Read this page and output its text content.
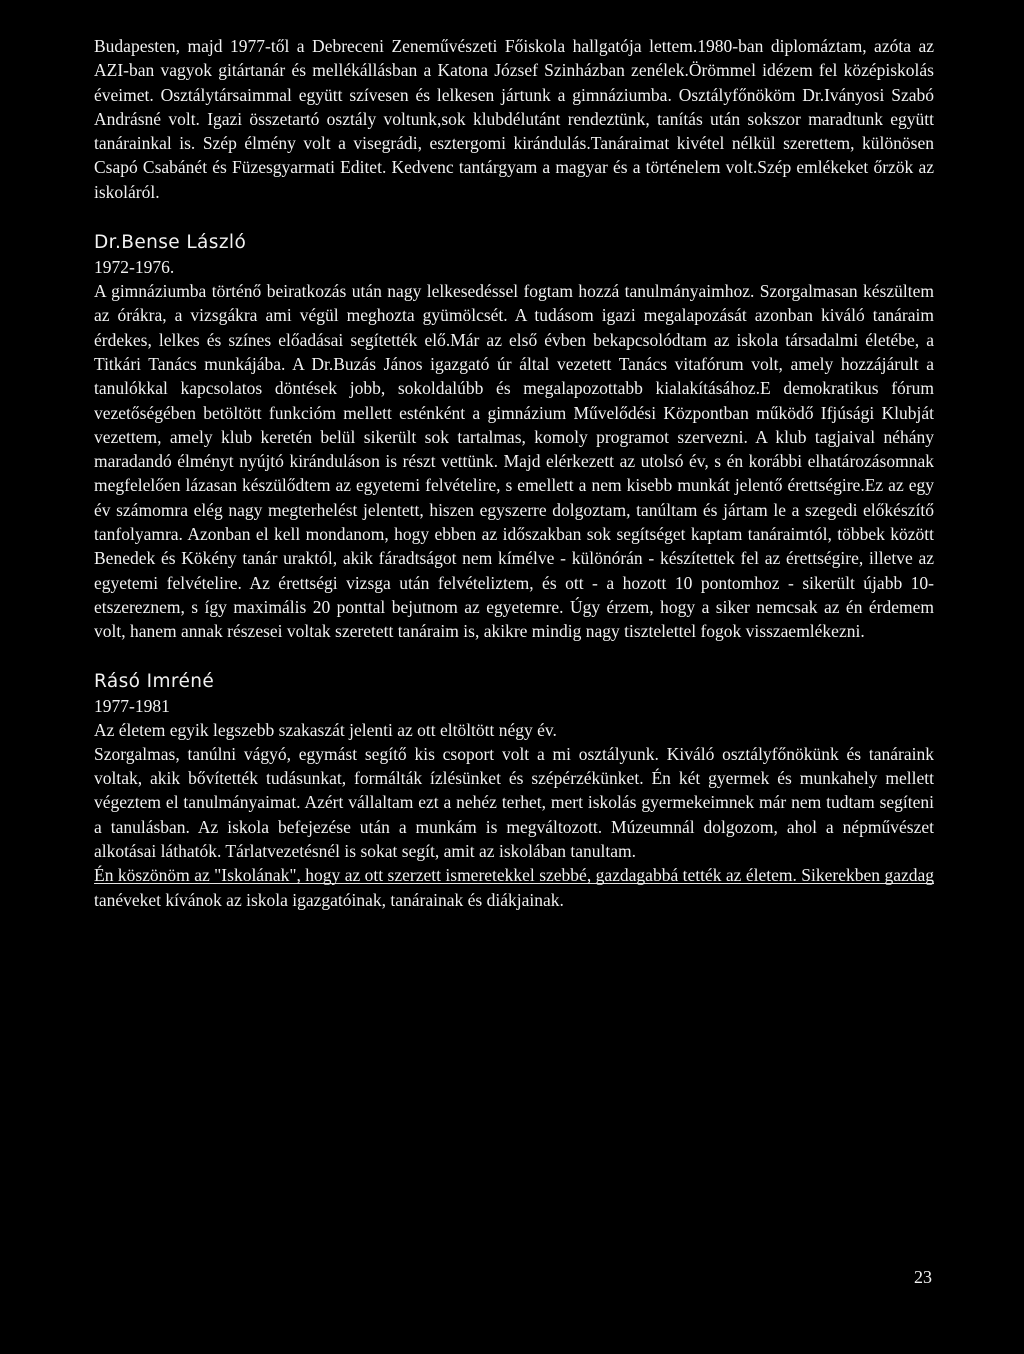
Budapesten, majd 1977-től a Debreceni Zeneművészeti Főiskola hallgatója lettem.1980-ban diplomáztam, azóta az AZI-ban vagyok gitártanár és mellékállásban a Katona József Szinházban zenélek.Örömmel idézem fel középiskolás éveimet. Osztálytársaimmal együtt szívesen és lelkesen jártunk a gimnáziumba. Osztályfőnököm Dr.Iványosi Szabó Andrásné volt. Igazi összetartó osztály voltunk,sok klubdélutánt rendeztünk, tanítás után sokszor maradtunk együtt tanárainkal is. Szép élmény volt a visegrádi, esztergomi kirándulás.Tanáraimat kivétel nélkül szerettem, különösen Csapó Csabánét és Füzesgyarmati Editet. Kedvenc tantárgyam a magyar és a történelem volt.Szép emlékeket őrzök az iskoláról.

Dr.Bense László

1972-1976.

A gimnáziumba történő beiratkozás után nagy lelkesedéssel fogtam hozzá tanulmányaimhoz. Szorgalmasan készültem az órákra, a vizsgákra ami végül meghozta gyümölcsét. A tudásom igazi megalapozását azonban kiváló tanáraim érdekes, lelkes és színes előadásai segítették elő.Már az első évben bekapcsolódtam az iskola társadalmi életébe, a Titkári Tanács munkájába. A Dr.Buzás János igazgató úr által vezetett Tanács vitafórum volt, amely hozzájárult a tanulókkal kapcsolatos döntések jobb, sokoldalúbb és megalapozottabb kialakításához.E demokratikus fórum vezetőségében betöltött funkcióm mellett esténként a gimnázium Művelődési Központban működő Ifjúsági Klubját vezettem, amely klub keretén belül sikerült sok tartalmas, komoly programot szervezni. A klub tagjaival néhány maradandó élményt nyújtó kiránduláson is részt vettünk. Majd elérkezett az utolsó év, s én korábbi elhatározásomnak megfelelően lázasan készülődtem az egyetemi felvételire, s emellett a nem kisebb munkát jelentő érettségire.Ez az egy év számomra elég nagy megterhelést jelentett, hiszen egyszerre dolgoztam, tanúltam és jártam le a szegedi előkészítő tanfolyamra. Azonban el kell mondanom, hogy ebben az időszakban sok segítséget kaptam tanáraimtól, többek között Benedek és Kökény tanár uraktól, akik fáradtságot nem kímélve - különórán - készítettek fel az érettségire, illetve az egyetemi felvételire. Az érettségi vizsga után felvételiztem, és ott - a hozott 10 pontomhoz - sikerült újabb 10-etszereznem, s így maximális 20 ponttal bejutnom az egyetemre. Úgy érzem, hogy a siker nemcsak az én érdemem volt, hanem annak részesei voltak szeretett tanáraim is, akikre mindig nagy tisztelettel fogok visszaemlékezni.

Rásó Imréné

1977-1981

Az életem egyik legszebb szakaszát jelenti az ott eltöltött négy év.

Szorgalmas, tanúlni vágyó, egymást segítő kis csoport volt a mi osztályunk. Kiváló osztályfőnökünk és tanáraink voltak, akik bővítették tudásunkat, formálták ízlésünket és szépérzékünket. Én két gyermek és munkahely mellett végeztem el tanulmányaimat. Azért vállaltam ezt a nehéz terhet, mert iskolás gyermekeimnek már nem tudtam segíteni a tanulásban. Az iskola befejezése után a munkám is megváltozott. Múzeumnál dolgozom, ahol a népművészet alkotásai láthatók. Tárlatvezetésnél is sokat segít, amit az iskolában tanultam.

Én köszönöm az "Iskolának", hogy az ott szerzett ismeretekkel szebbé, gazdagabbá tették az életem. Sikerekben gazdag tanéveket kívánok az iskola igazgatóinak, tanárainak és diákjainak.

23
